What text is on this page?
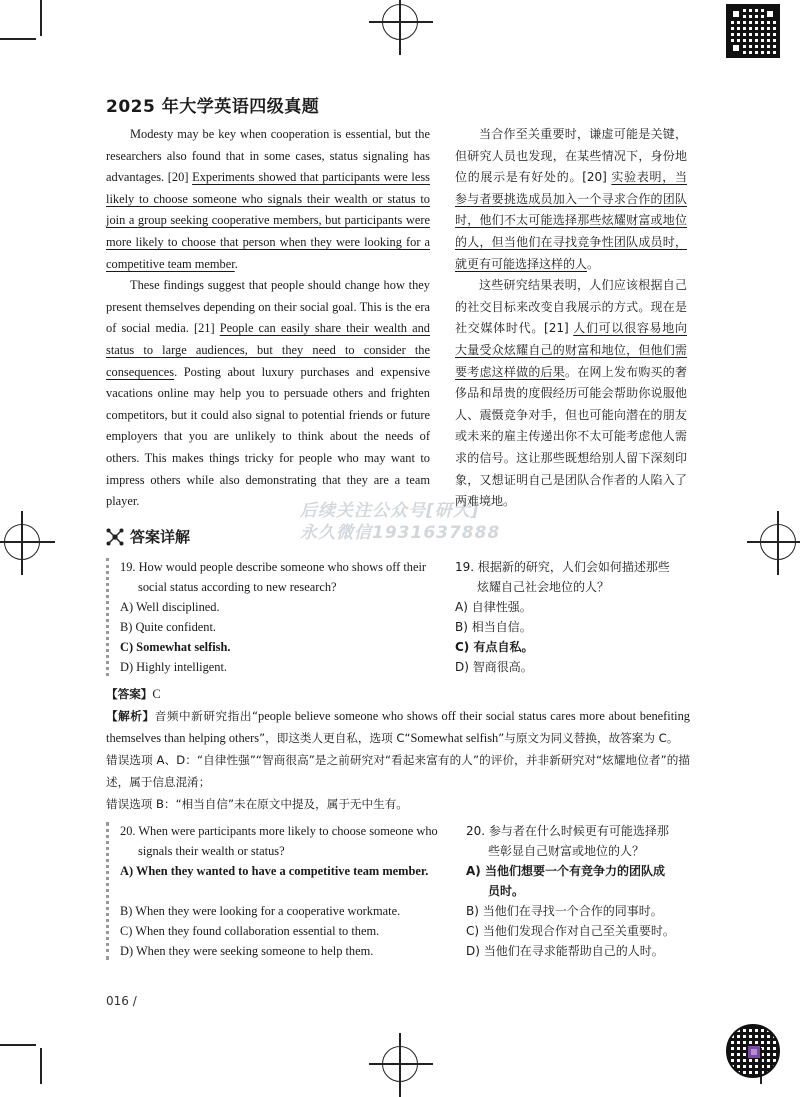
2025 年大学英语四级真题

Modesty may be key when cooperation is essential, but the researchers also found that in some cases, status signaling has advantages. [20] Experiments showed that participants were less likely to choose someone who signals their wealth or status to join a group seeking cooperative members, but participants were more likely to choose that person when they were looking for a competitive team member.

These findings suggest that people should change how they present themselves depending on their social goal. This is the era of social media. [21] People can easily share their wealth and status to large audiences, but they need to consider the consequences. Posting about luxury purchases and expensive vacations online may help you to persuade others and frighten competitors, but it could also signal to potential friends or future employers that you are unlikely to think about the needs of others. This makes things tricky for people who may want to impress others while also demonstrating that they are a team player.

当合作至关重要时，谦虚可能是关键，但研究人员也发现，在某些情况下，身份地位的展示是有好处的。[20] 实验表明，当参与者要挑选成员加入一个寻求合作的团队时，他们不太可能选择那些炫耀财富或地位的人，但当他们在寻找竞争性团队成员时，就更有可能选择这样的人。

这些研究结果表明，人们应该根据自己的社交目标来改变自我展示的方式。现在是社交媒体时代。[21] 人们可以很容易地向大量受众炫耀自己的财富和地位，但他们需要考虑这样做的后果。在网上发布购买的奢侈品和昂贵的度假经历可能会帮助你说服他人、震慑竞争对手，但也可能向潜在的朋友或未来的雇主传递出你不太可能考虑他人需求的信号。这让那些既想给别人留下深刻印象，又想证明自己是团队合作者的人陷入了两难境地。

后续关注公众号[研大]
永久微信1931637888
答案详解
19. How would people describe someone who shows off their
social status according to new research?
A) Well disciplined.
B) Quite confident.
C) Somewhat selfish.
D) Highly intelligent.
19. 根据新的研究，人们会如何描述那些
炫耀自己社会地位的人？
A) 自律性强。
B) 相当自信。
C) 有点自私。
D) 智商很高。
【答案】C
【解析】音频中新研究指出“people believe someone who shows off their social status cares more about benefiting themselves than helping others”，即这类人更自私，选项 C“Somewhat selfish”与原文为同义替换，故答案为 C。
错误选项 A、D：“自律性强”“智商很高”是之前研究对“看起来富有的人”的评价，并非新研究对“炫耀地位者”的描述，属于信息混淆；
错误选项 B：“相当自信”未在原文中提及，属于无中生有。
20. When were participants more likely to choose someone who
signals their wealth or status?
A) When they wanted to have a competitive team member.
B) When they were looking for a cooperative workmate.
C) When they found collaboration essential to them.
D) When they were seeking someone to help them.
20. 参与者在什么时候更有可能选择那
些彰显自己财富或地位的人？
A) 当他们想要一个有竞争力的团队成
员时。
B) 当他们在寻找一个合作的同事时。
C) 当他们发现合作对自己至关重要时。
D) 当他们在寻求能帮助自己的人时。
016 /
